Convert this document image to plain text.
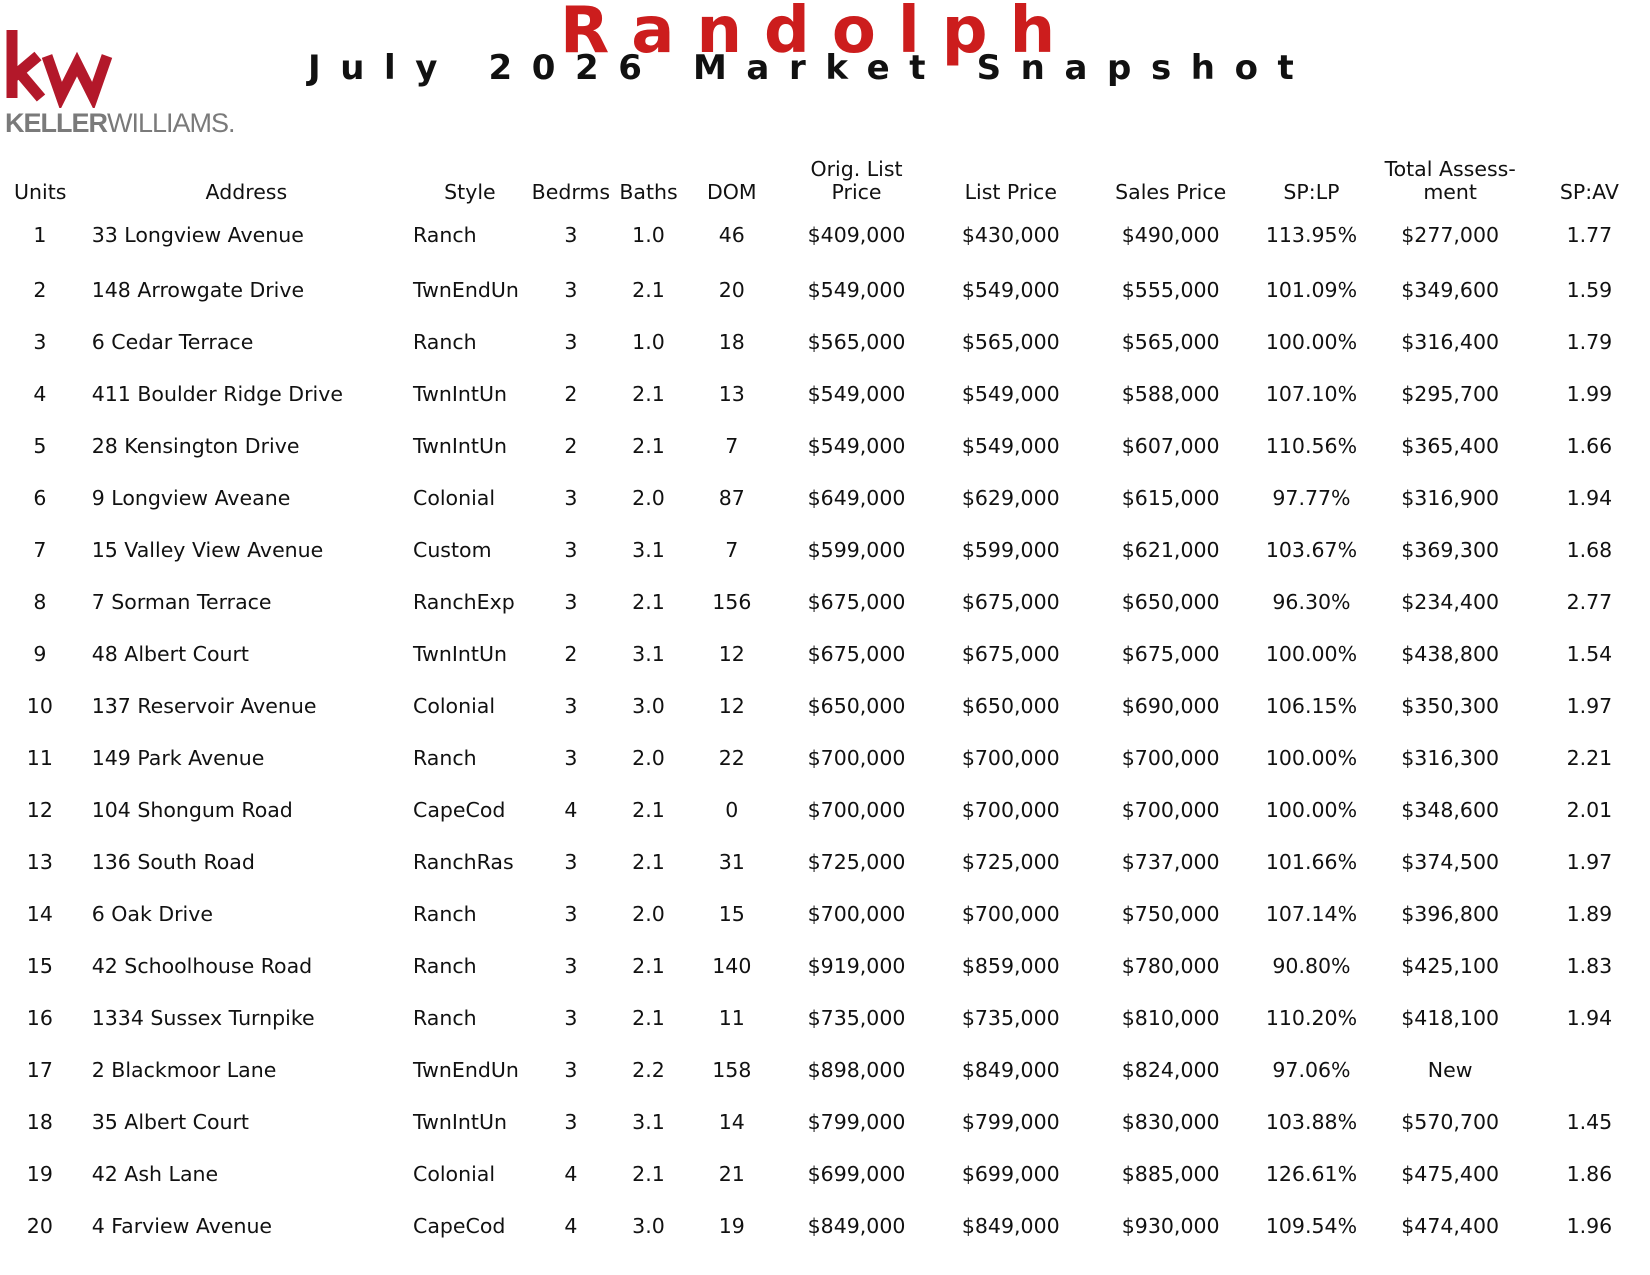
KELLERWILLIAMS.
Randolph
July 2026 Market Snapshot
Units	Address	Style	Bedrms	Baths	DOM	Orig. List
Price	List Price	Sales Price	SP:LP	Total Assess-
ment	SP:AV
1	33 Longview Avenue	Ranch	3	1.0	46	$409,000	$430,000	$490,000	113.95%	$277,000	1.77
2	148 Arrowgate Drive	TwnEndUn	3	2.1	20	$549,000	$549,000	$555,000	101.09%	$349,600	1.59
3	6 Cedar Terrace	Ranch	3	1.0	18	$565,000	$565,000	$565,000	100.00%	$316,400	1.79
4	411 Boulder Ridge Drive	TwnIntUn	2	2.1	13	$549,000	$549,000	$588,000	107.10%	$295,700	1.99
5	28 Kensington Drive	TwnIntUn	2	2.1	7	$549,000	$549,000	$607,000	110.56%	$365,400	1.66
6	9 Longview Aveane	Colonial	3	2.0	87	$649,000	$629,000	$615,000	97.77%	$316,900	1.94
7	15 Valley View Avenue	Custom	3	3.1	7	$599,000	$599,000	$621,000	103.67%	$369,300	1.68
8	7 Sorman Terrace	RanchExp	3	2.1	156	$675,000	$675,000	$650,000	96.30%	$234,400	2.77
9	48 Albert Court	TwnIntUn	2	3.1	12	$675,000	$675,000	$675,000	100.00%	$438,800	1.54
10	137 Reservoir Avenue	Colonial	3	3.0	12	$650,000	$650,000	$690,000	106.15%	$350,300	1.97
11	149 Park Avenue	Ranch	3	2.0	22	$700,000	$700,000	$700,000	100.00%	$316,300	2.21
12	104 Shongum Road	CapeCod	4	2.1	0	$700,000	$700,000	$700,000	100.00%	$348,600	2.01
13	136 South Road	RanchRas	3	2.1	31	$725,000	$725,000	$737,000	101.66%	$374,500	1.97
14	6 Oak Drive	Ranch	3	2.0	15	$700,000	$700,000	$750,000	107.14%	$396,800	1.89
15	42 Schoolhouse Road	Ranch	3	2.1	140	$919,000	$859,000	$780,000	90.80%	$425,100	1.83
16	1334 Sussex Turnpike	Ranch	3	2.1	11	$735,000	$735,000	$810,000	110.20%	$418,100	1.94
17	2 Blackmoor Lane	TwnEndUn	3	2.2	158	$898,000	$849,000	$824,000	97.06%	New	
18	35 Albert Court	TwnIntUn	3	3.1	14	$799,000	$799,000	$830,000	103.88%	$570,700	1.45
19	42 Ash Lane	Colonial	4	2.1	21	$699,000	$699,000	$885,000	126.61%	$475,400	1.86
20	4 Farview Avenue	CapeCod	4	3.0	19	$849,000	$849,000	$930,000	109.54%	$474,400	1.96
